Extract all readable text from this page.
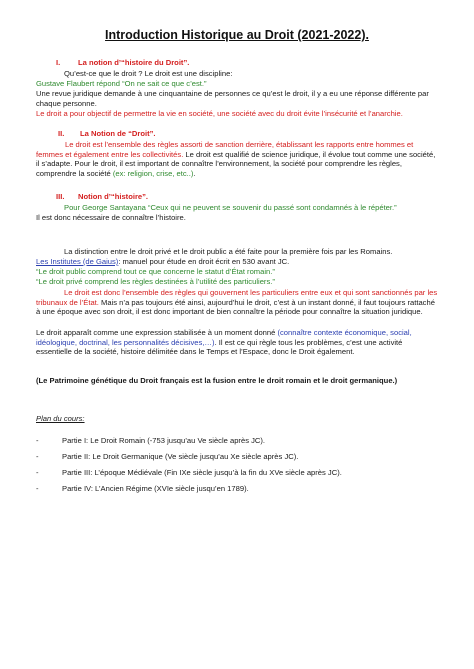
Introduction Historique au Droit (2021-2022).
I. La notion d’“histoire du Droit”.
Qu’est-ce que le droit ? Le droit est une discipline:
Gustave Flaubert répond “On ne sait ce que c’est.”
Une revue juridique demande à une cinquantaine de personnes ce qu’est le droit, il y a eu une réponse différente par chaque personne.
Le droit a pour objectif de permettre la vie en société, une société avec du droit évite l’insécurité et l’anarchie.
II. La Notion de “Droit”.
Le droit est l’ensemble des règles assorti de sanction derrière, établissant les rapports entre hommes et femmes et également entre les collectivités. Le droit est qualifié de science juridique, il évolue tout comme une société, il s’adapte. Pour le droit, il est important de connaître l’environnement, la société pour comprendre les règles, comprendre la société (ex: religion, crise, etc..).
III. Notion d’“histoire”.
Pour George Santayana “Ceux qui ne peuvent se souvenir du passé sont condamnés à le répéter.”
Il est donc nécessaire de connaître l’histoire.
La distinction entre le droit privé et le droit public a été faite pour la première fois par les Romains.
Les Institutes (de Gaius): manuel pour étude en droit écrit en 530 avant JC.
“Le droit public comprend tout ce que concerne le statut d’État romain.”
“Le droit privé comprend les règles destinées à l’utilité des particuliers.”
Le droit est donc l’ensemble des règles qui gouvernent les particuliers entre eux et qui sont sanctionnés par les tribunaux de l’État. Mais n’a pas toujours été ainsi, aujourd’hui le droit, c’est à un instant donné, il faut toujours rattaché à une époque avec son droit, il est donc important de bien connaître la période pour connaître la situation juridique.
Le droit apparaît comme une expression stabilisée à un moment donné (connaître contexte économique, social, idéologique, doctrinal, les personnalités décisives,…). Il est ce qui règle tous les problèmes, c’est une activité essentielle de la société, histoire délimitée dans le Temps et l’Espace, donc le Droit également.
(Le Patrimoine génétique du Droit français est la fusion entre le droit romain et le droit germanique.)
Plan du cours:
-	Partie I: Le Droit Romain (-753 jusqu’au Ve siècle après JC).
-	Partie II: Le Droit Germanique (Ve siècle jusqu’au Xe siècle après JC).
-	Partie III: L’époque Médiévale (Fin IXe siècle jusqu’à la fin du XVe siècle après JC).
-	Partie IV: L’Ancien Régime (XVIe siècle jusqu’en 1789).
